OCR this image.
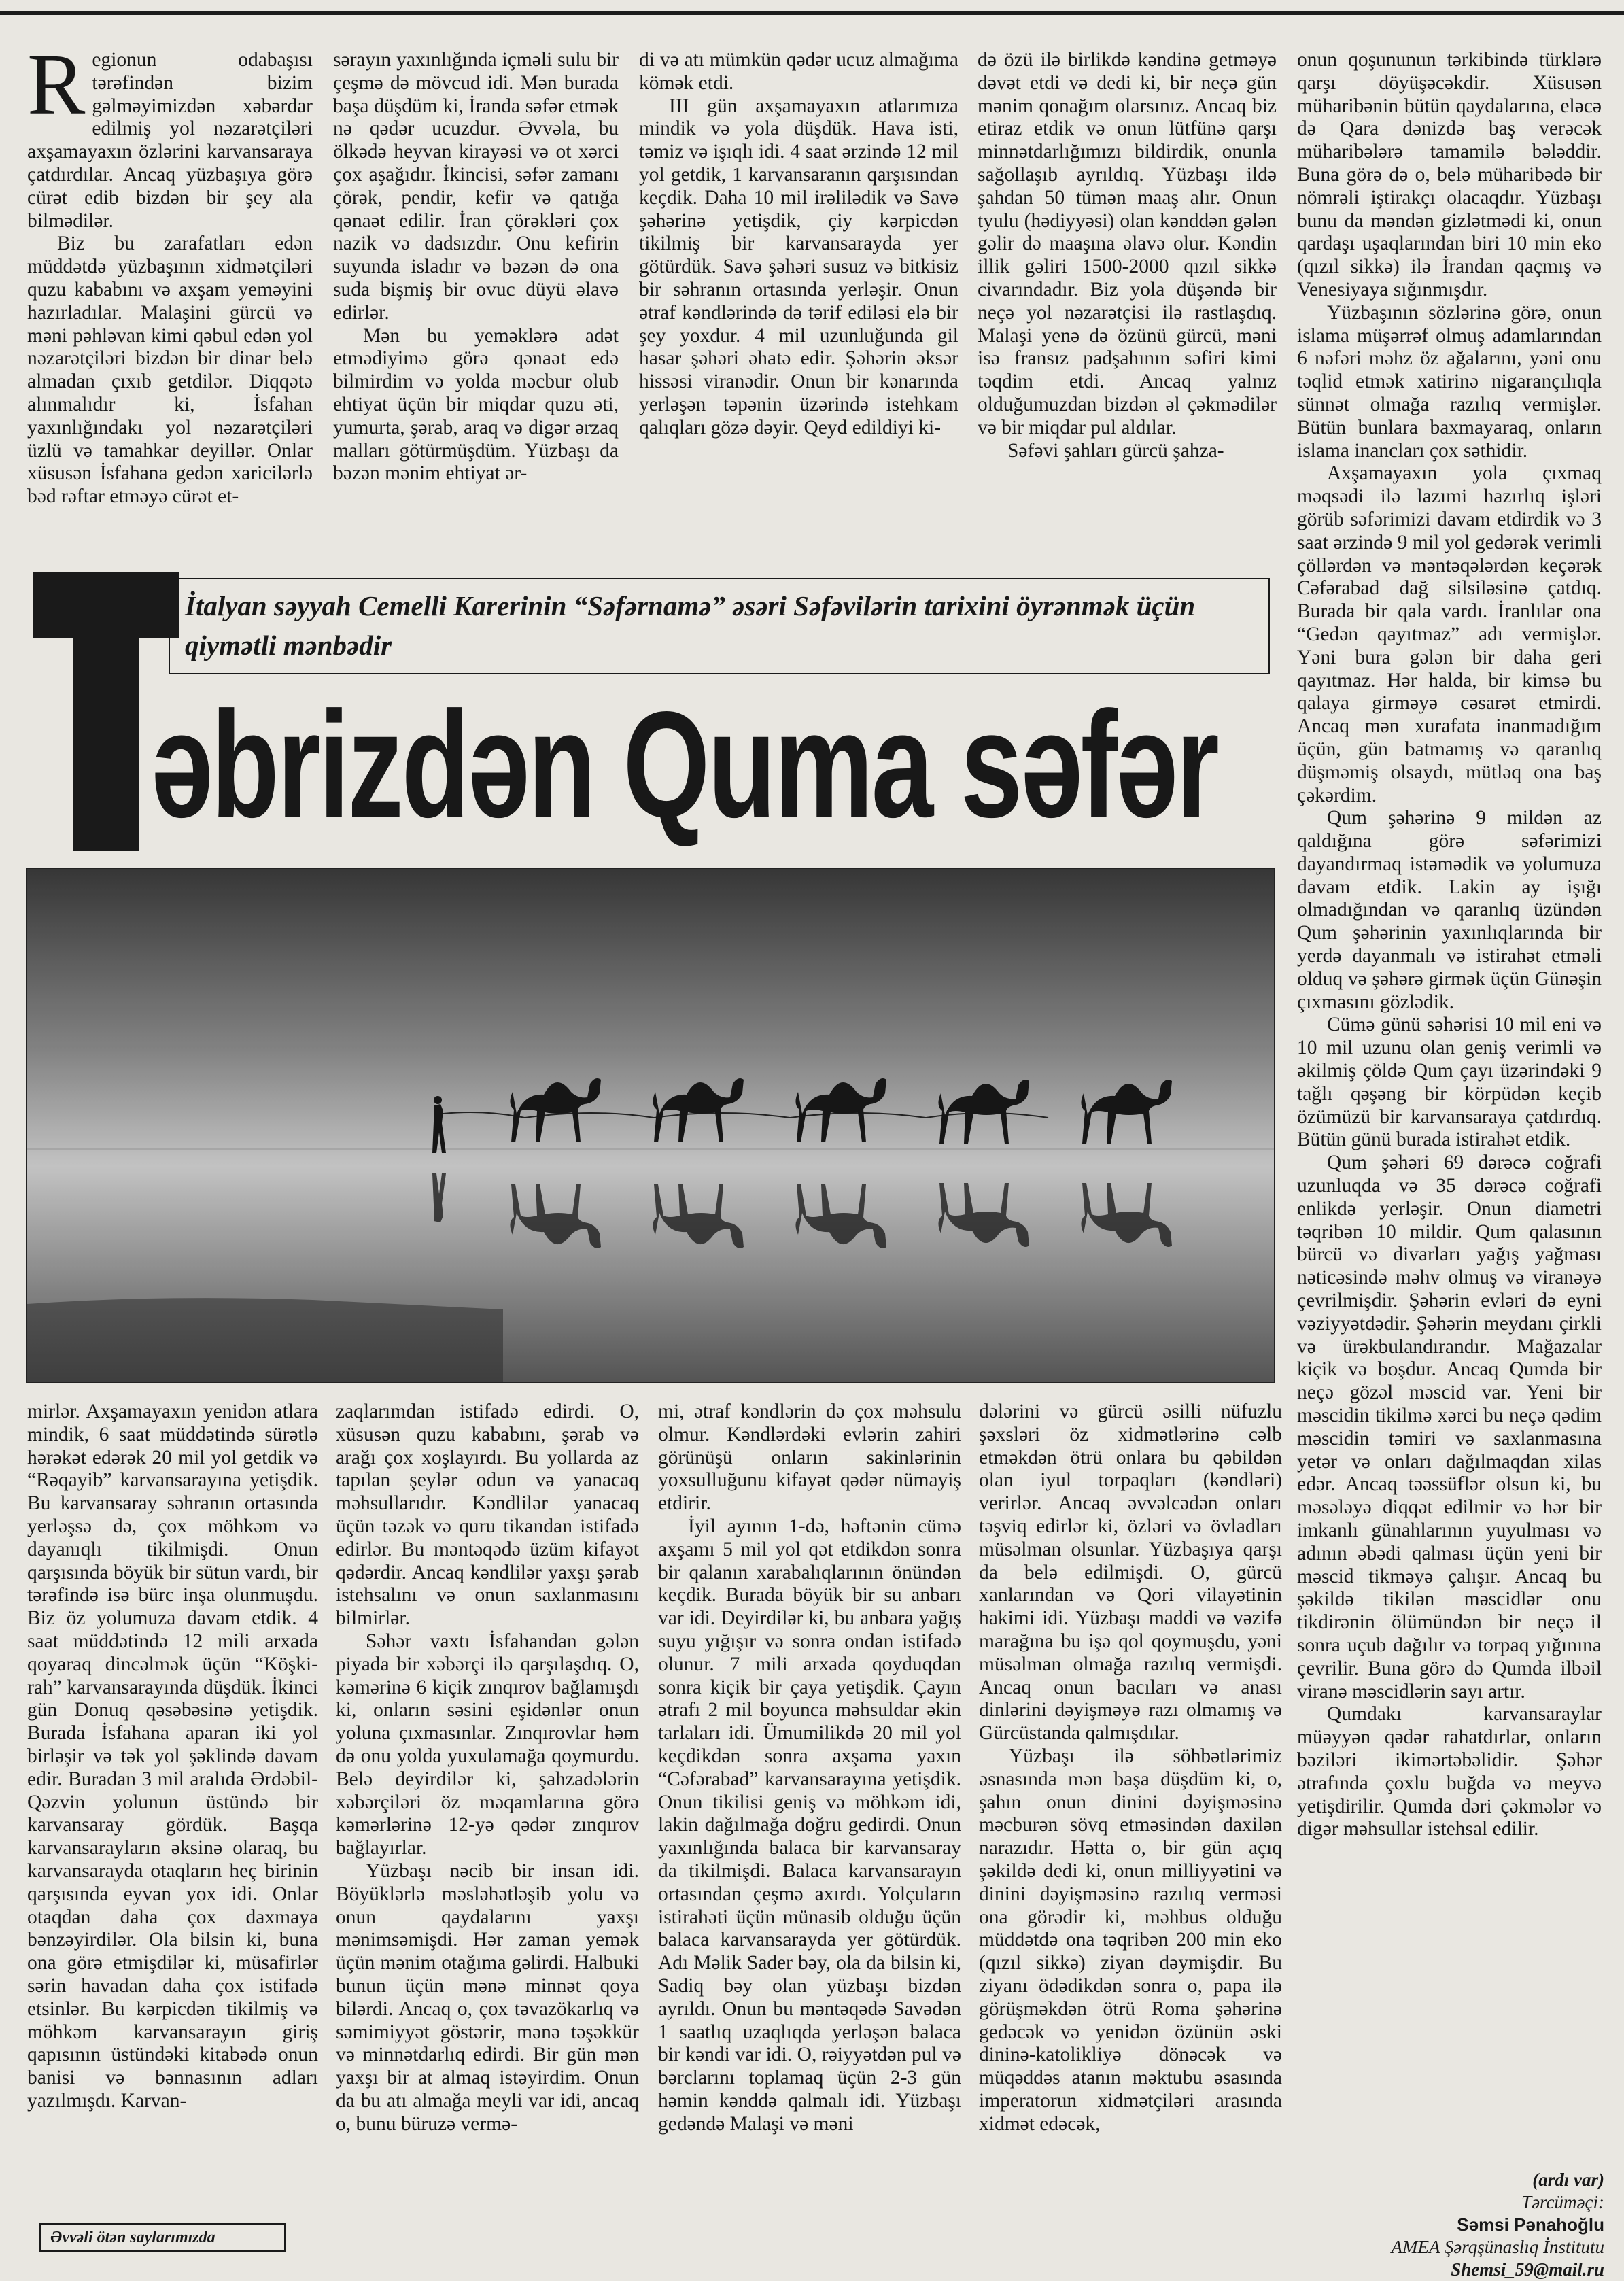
Regionun odabaşısı tərəfindən bizim gəlməyimizdən xəbərdar edilmiş yol nəzarətçiləri axşamayaxın özlərini karvansaraya çatdırdılar. Ancaq yüzbaşıya görə cürət edib bizdən bir şey ala bilmədilər.

Biz bu zarafatları edən müddətdə yüzbaşının xidmətçiləri quzu kababını və axşam yeməyini hazırladılar. Malaşini gürcü və məni pəhləvan kimi qəbul edən yol nəzarətçiləri bizdən bir dinar belə almadan çıxıb getdilər. Diqqətə alınmalıdır ki, İsfahan yaxınlığındakı yol nəzarətçiləri üzlü və tamahkar deyillər. Onlar xüsusən İsfahana gedən xaricilərlə bəd rəftar etməyə cürət et-

sərayın yaxınlığında içməli sulu bir çeşmə də mövcud idi. Mən burada başa düşdüm ki, İranda səfər etmək nə qədər ucuzdur. Əvvəla, bu ölkədə heyvan kirayəsi və ot xərci çox aşağıdır. İkincisi, səfər zamanı çörək, pendir, kefir və qatığa qənaət edilir. İran çörəkləri çox nazik və dadsızdır. Onu kefirin suyunda isladır və bəzən də ona suda bişmiş bir ovuc düyü əlavə edirlər.

Mən bu yeməklərə adət etmədiyimə görə qənaət edə bilmirdim və yolda məcbur olub ehtiyat üçün bir miqdar quzu əti, yumurta, şərab, araq və digər ərzaq malları götürmüşdüm. Yüzbaşı da bəzən mənim ehtiyat ər-

di və atı mümkün qədər ucuz almağıma kömək etdi.

III gün axşamayaxın atlarımıza mindik və yola düşdük. Hava isti, təmiz və işıqlı idi. 4 saat ərzində 12 mil yol getdik, 1 karvansaranın qarşısından keçdik. Daha 10 mil irəlilədik və Savə şəhərinə yetişdik, çiy kərpicdən tikilmiş bir karvansarayda yer götürdük. Savə şəhəri susuz və bitkisiz bir səhranın ortasında yerləşir. Onun ətraf kəndlərində də tərif ediləsi elə bir şey yoxdur. 4 mil uzunluğunda gil hasar şəhəri əhatə edir. Şəhərin əksər hissəsi viranədir. Onun bir kənarında yerləşən təpənin üzərində istehkam qalıqları gözə dəyir. Qeyd edildiyi ki-

də özü ilə birlikdə kəndinə getməyə dəvət etdi və dedi ki, bir neçə gün mənim qonağım olarsınız. Ancaq biz etiraz etdik və onun lütfünə qarşı minnətdarlığımızı bildirdik, onunla sağollaşıb ayrıldıq. Yüzbaşı ildə şahdan 50 tümən maaş alır. Onun tyulu (hədiyyəsi) olan kənddən gələn gəlir də maaşına əlavə olur. Kəndin illik gəliri 1500-2000 qızıl sikkə civarındadır. Biz yola düşəndə bir neçə yol nəzarətçisi ilə rastlaşdıq. Malaşi yenə də özünü gürcü, məni isə fransız padşahının səfiri kimi təqdim etdi. Ancaq yalnız olduğumuzdan bizdən əl çəkmədilər və bir miqdar pul aldılar.

Səfəvi şahları gürcü şahza-

onun qoşununun tərkibində türklərə qarşı döyüşəcəkdir. Xüsusən müharibənin bütün qaydalarına, eləcə də Qara dənizdə baş verəcək müharibələrə tamamilə bələddir. Buna görə də o, belə müharibədə bir nömrəli iştirakçı olacaqdır. Yüzbaşı bunu da məndən gizlətmədi ki, onun qardaşı uşaqlarından biri 10 min eko (qızıl sikkə) ilə İrandan qaçmış və Venesiyaya sığınmışdır.

Yüzbaşının sözlərinə görə, onun islama müşərrəf olmuş adamlarından 6 nəfəri məhz öz ağalarını, yəni onu təqlid etmək xatirinə nigarançılıqla sünnət olmağa razılıq vermişlər. Bütün bunlara baxmayaraq, onların islama inancları çox səthidir.

Axşamayaxın yola çıxmaq məqsədi ilə lazımi hazırlıq işləri görüb səfərimizi davam etdirdik və 3 saat ərzində 9 mil yol gedərək verimli çöllərdən və məntəqələrdən keçərək Cəfərabad dağ silsiləsinə çatdıq. Burada bir qala vardı. İranlılar ona “Gedən qayıtmaz” adı vermişlər. Yəni bura gələn bir daha geri qayıtmaz. Hər halda, bir kimsə bu qalaya girməyə cəsarət etmirdi. Ancaq mən xurafata inanmadığım üçün, gün batmamış və qaranlıq düşməmiş olsaydı, mütləq ona baş çəkərdim.

Qum şəhərinə 9 mildən az qaldığına görə səfərimizi dayandırmaq istəmədik və yolumuza davam etdik. Lakin ay işığı olmadığından və qaranlıq üzündən Qum şəhərinin yaxınlıqlarında bir yerdə dayanmalı və istirahət etməli olduq və şəhərə girmək üçün Günəşin çıxmasını gözlədik.

Cümə günü səhərisi 10 mil eni və 10 mil uzunu olan geniş verimli və əkilmiş çöldə Qum çayı üzərindəki 9 tağlı qəşəng bir körpüdən keçib özümüzü bir karvansaraya çatdırdıq. Bütün günü burada istirahət etdik.

Qum şəhəri 69 dərəcə coğrafi uzunluqda və 35 dərəcə coğrafi enlikdə yerləşir. Onun diametri təqribən 10 mildir. Qum qalasının bürcü və divarları yağış yağması nəticəsində məhv olmuş və viranəyə çevrilmişdir. Şəhərin evləri də eyni vəziyyətdədir. Şəhərin meydanı çirkli və ürəkbulandırandır. Mağazalar kiçik və boşdur. Ancaq Qumda bir neçə gözəl məscid var. Yeni bir məscidin tikilmə xərci bu neçə qədim məscidin təmiri və saxlanmasına yetər və onları dağılmaqdan xilas edər. Ancaq təəssüflər olsun ki, bu məsələyə diqqət edilmir və hər bir imkanlı günahlarının yuyulması və adının əbədi qalması üçün yeni bir məscid tikməyə çalışır. Ancaq bu şəkildə tikilən məscidlər onu tikdirənin ölümündən bir neçə il sonra uçub dağılır və torpaq yığınına çevrilir. Buna görə də Qumda ilbəil viranə məscidlərin sayı artır.

Qumdakı karvansaraylar müəyyən qədər rahatdırlar, onların bəziləri ikimərtəbəlidir. Şəhər ətrafında çoxlu buğda və meyvə yetişdirilir. Qumda dəri çəkmələr və digər məhsullar istehsal edilir.

İtalyan səyyah Cemelli Karerinin “Səfərnamə” əsəri Səfəvilərin tarixini öyrənmək üçün qiymətli mənbədir
əbrizdən Quma səfər

mirlər. Axşamayaxın yenidən atlara mindik, 6 saat müddətində sürətlə hərəkət edərək 20 mil yol getdik və “Rəqayib” karvansarayına yetişdik. Bu karvansaray səhranın ortasında yerləşsə də, çox möhkəm və dayanıqlı tikilmişdi. Onun qarşısında böyük bir sütun vardı, bir tərəfində isə bürc inşa olunmuşdu. Biz öz yolumuza davam etdik. 4 saat müddətində 12 mili arxada qoyaraq dincəlmək üçün “Köşki-rah” karvansarayında düşdük. İkinci gün Donuq qəsəbəsinə yetişdik. Burada İsfahana aparan iki yol birləşir və tək yol şəklində davam edir. Buradan 3 mil aralıda Ərdəbil-Qəzvin yolunun üstündə bir karvansaray gördük. Başqa karvansarayların əksinə olaraq, bu karvansarayda otaqların heç birinin qarşısında eyvan yox idi. Onlar otaqdan daha çox daxmaya bənzəyirdilər. Ola bilsin ki, buna ona görə etmişdilər ki, müsafirlər sərin havadan daha çox istifadə etsinlər. Bu kərpicdən tikilmiş və möhkəm karvansarayın giriş qapısının üstündəki kitabədə onun banisi və bənnasının adları yazılmışdı. Karvan-

zaqlarımdan istifadə edirdi. O, xüsusən quzu kababını, şərab və arağı çox xoşlayırdı. Bu yollarda az tapılan şeylər odun və yanacaq məhsullarıdır. Kəndlilər yanacaq üçün təzək və quru tikandan istifadə edirlər. Bu məntəqədə üzüm kifayət qədərdir. Ancaq kəndlilər yaxşı şərab istehsalını və onun saxlanmasını bilmirlər.

Səhər vaxtı İsfahandan gələn piyada bir xəbərçi ilə qarşılaşdıq. O, kəmərinə 6 kiçik zınqırov bağlamışdı ki, onların səsini eşidənlər onun yoluna çıxmasınlar. Zınqırovlar həm də onu yolda yuxulamağa qoymurdu. Belə deyirdilər ki, şahzadələrin xəbərçiləri öz məqamlarına görə kəmərlərinə 12-yə qədər zınqırov bağlayırlar.

Yüzbaşı nəcib bir insan idi. Böyüklərlə məsləhətləşib yolu və onun qaydalarını yaxşı mənimsəmişdi. Hər zaman yemək üçün mənim otağıma gəlirdi. Halbuki bunun üçün mənə minnət qoya bilərdi. Ancaq o, çox təvazökarlıq və səmimiyyət göstərir, mənə təşəkkür və minnətdarlıq edirdi. Bir gün mən yaxşı bir at almaq istəyirdim. Onun da bu atı almağa meyli var idi, ancaq o, bunu büruzə vermə-

mi, ətraf kəndlərin də çox məhsulu olmur. Kəndlərdəki evlərin zahiri görünüşü onların sakinlərinin yoxsulluğunu kifayət qədər nümayiş etdirir.

İyil ayının 1-də, həftənin cümə axşamı 5 mil yol qət etdikdən sonra bir qalanın xarabalıqlarının önündən keçdik. Burada böyük bir su anbarı var idi. Deyirdilər ki, bu anbara yağış suyu yığışır və sonra ondan istifadə olunur. 7 mili arxada qoyduqdan sonra kiçik bir çaya yetişdik. Çayın ətrafı 2 mil boyunca məhsuldar əkin tarlaları idi. Ümumilikdə 20 mil yol keçdikdən sonra axşama yaxın “Cəfərabad” karvansarayına yetişdik. Onun tikilisi geniş və möhkəm idi, lakin dağılmağa doğru gedirdi. Onun yaxınlığında balaca bir karvansaray da tikilmişdi. Balaca karvansarayın ortasından çeşmə axırdı. Yolçuların istirahəti üçün münasib olduğu üçün balaca karvansarayda yer götürdük. Adı Məlik Sader bəy, ola da bilsin ki, Sadiq bəy olan yüzbaşı bizdən ayrıldı. Onun bu məntəqədə Savədən 1 saatlıq uzaqlıqda yerləşən balaca bir kəndi var idi. O, rəiyyətdən pul və bərclarını toplamaq üçün 2-3 gün həmin kənddə qalmalı idi. Yüzbaşı gedəndə Malaşi və məni

dələrini və gürcü əsilli nüfuzlu şəxsləri öz xidmətlərinə cəlb etməkdən ötrü onlara bu qəbildən olan iyul torpaqları (kəndləri) verirlər. Ancaq əvvəlcədən onları təşviq edirlər ki, özləri və övladları müsəlman olsunlar. Yüzbaşıya qarşı da belə edilmişdi. O, gürcü xanlarından və Qori vilayətinin hakimi idi. Yüzbaşı maddi və vəzifə marağına bu işə qol qoymuşdu, yəni müsəlman olmağa razılıq vermişdi. Ancaq onun bacıları və anası dinlərini dəyişməyə razı olmamış və Gürcüstanda qalmışdılar.

Yüzbaşı ilə söhbətlərimiz əsnasında mən başa düşdüm ki, o, şahın onun dinini dəyişməsinə məcburən sövq etməsindən daxilən narazıdır. Hətta o, bir gün açıq şəkildə dedi ki, onun milliyyətini və dinini dəyişməsinə razılıq verməsi ona görədir ki, məhbus olduğu müddətdə ona təqribən 200 min eko (qızıl sikkə) ziyan dəymişdir. Bu ziyanı ödədikdən sonra o, papa ilə görüşməkdən ötrü Roma şəhərinə gedəcək və yenidən özünün əski dininə-katolikliyə dönəcək və müqəddəs atanın məktubu əsasında imperatorun xidmətçiləri arasında xidmət edəcək,

(ardı var)
Tərcüməçi:
Səmsi Pənahoğlu
AMEA Şərqşünaslıq İnstitutu
Shemsi_59@mail.ru
Əvvəli ötən saylarımızda
